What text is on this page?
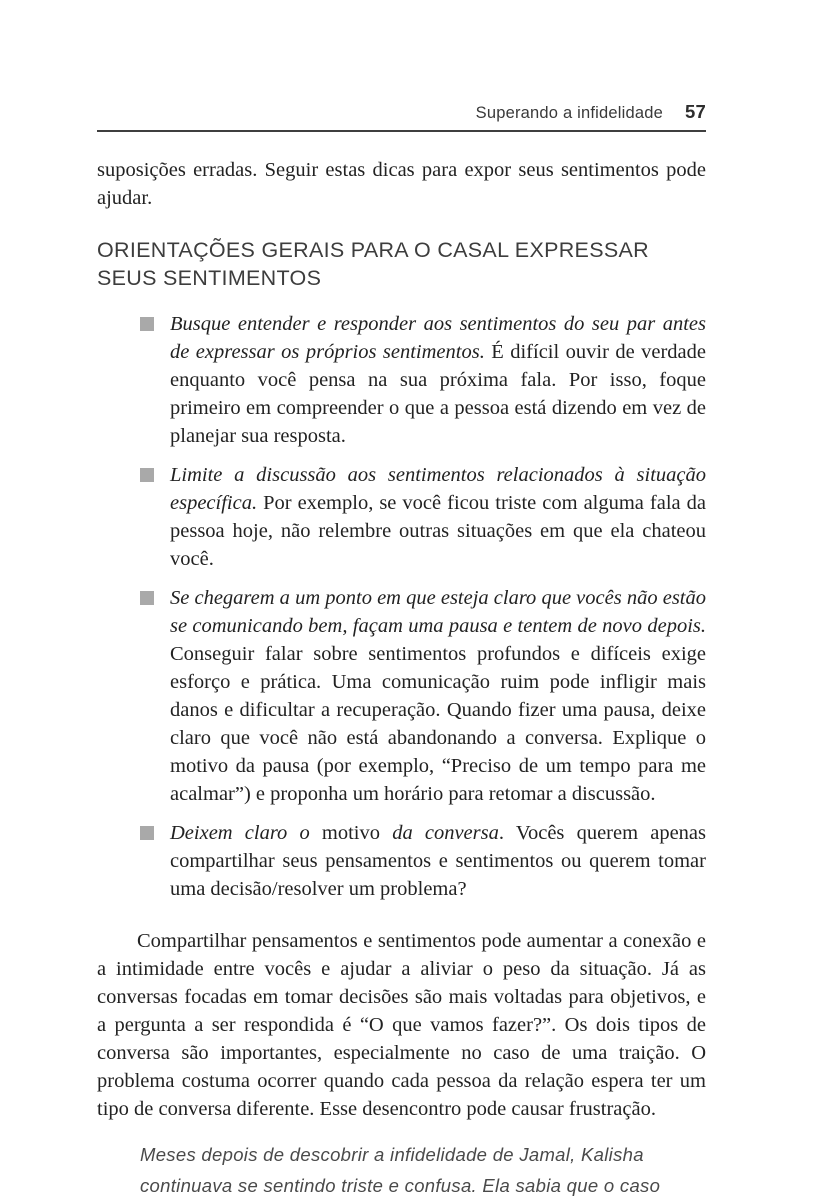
Superando a infidelidade 57

suposições erradas. Seguir estas dicas para expor seus sentimentos pode ajudar.

ORIENTAÇÕES GERAIS PARA O CASAL EXPRESSAR SEUS SENTIMENTOS
Busque entender e responder aos sentimentos do seu par antes de expressar os próprios sentimentos. É difícil ouvir de verdade enquanto você pensa na sua próxima fala. Por isso, foque primeiro em compreender o que a pessoa está dizendo em vez de planejar sua resposta.
Limite a discussão aos sentimentos relacionados à situação específica. Por exemplo, se você ficou triste com alguma fala da pessoa hoje, não relembre outras situações em que ela chateou você.
Se chegarem a um ponto em que esteja claro que vocês não estão se comunicando bem, façam uma pausa e tentem de novo depois. Conseguir falar sobre sentimentos profundos e difíceis exige esforço e prática. Uma comunicação ruim pode infligir mais danos e dificultar a recuperação. Quando fizer uma pausa, deixe claro que você não está abandonando a conversa. Explique o motivo da pausa (por exemplo, “Preciso de um tempo para me acalmar”) e proponha um horário para retomar a discussão.
Deixem claro o motivo da conversa. Vocês querem apenas compartilhar seus pensamentos e sentimentos ou querem tomar uma decisão/resolver um problema?

Compartilhar pensamentos e sentimentos pode aumentar a conexão e a intimidade entre vocês e ajudar a aliviar o peso da situação. Já as conversas focadas em tomar decisões são mais voltadas para objetivos, e a pergunta a ser respondida é “O que vamos fazer?”. Os dois tipos de conversa são importantes, especialmente no caso de uma traição. O problema costuma ocorrer quando cada pessoa da relação espera ter um tipo de conversa diferente. Esse desencontro pode causar frustração.

Meses depois de descobrir a infidelidade de Jamal, Kalisha continuava se sentindo triste e confusa. Ela sabia que o caso
